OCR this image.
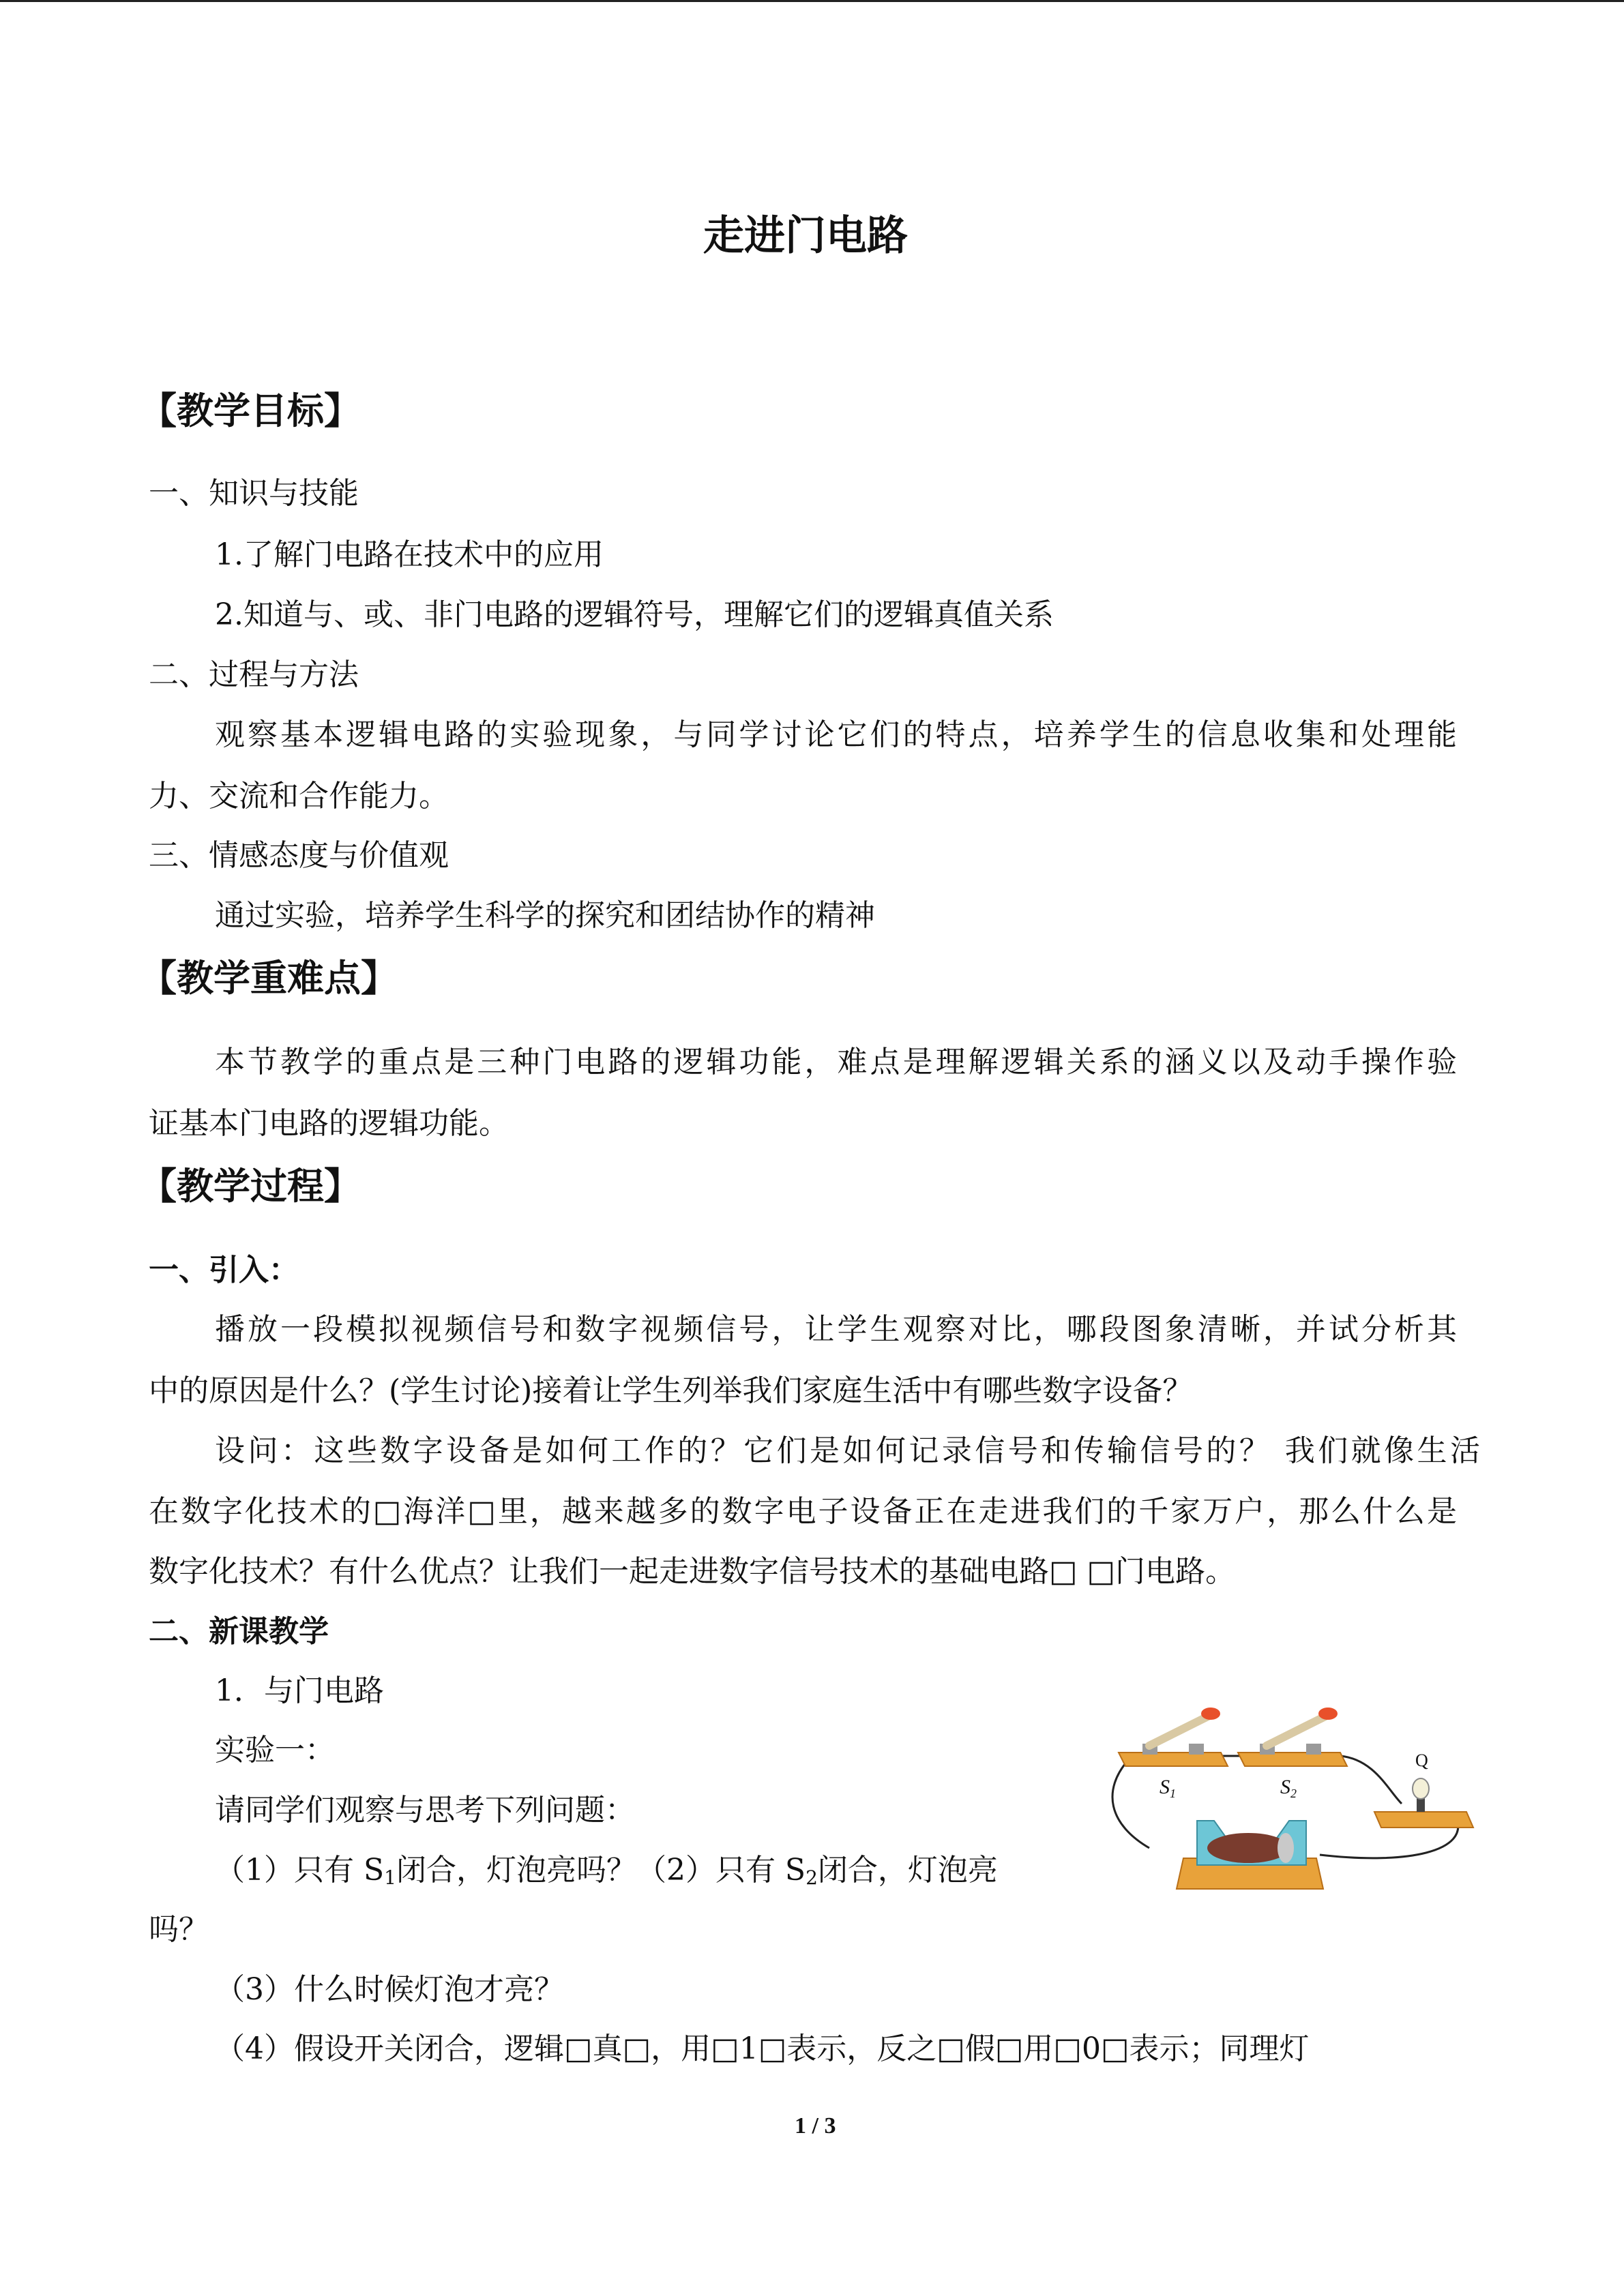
走进门电路
【教学目标】
一、知识与技能
1.了解门电路在技术中的应用
2.知道与、或、非门电路的逻辑符号，理解它们的逻辑真值关系
二、过程与方法
观察基本逻辑电路的实验现象，与同学讨论它们的特点，培养学生的信息收集和处理能
力、交流和合作能力。
三、情感态度与价值观
通过实验，培养学生科学的探究和团结协作的精神
【教学重难点】
本节教学的重点是三种门电路的逻辑功能，难点是理解逻辑关系的涵义以及动手操作验
证基本门电路的逻辑功能。
【教学过程】
一、引入：
播放一段模拟视频信号和数字视频信号，让学生观察对比，哪段图象清晰，并试分析其
中的原因是什么？(学生讨论)接着让学生列举我们家庭生活中有哪些数字设备？
设问：这些数字设备是如何工作的？它们是如何记录信号和传输信号的？ 我们就像生活
在数字化技术的□海洋□里，越来越多的数字电子设备正在走进我们的千家万户，那么什么是
数字化技术？有什么优点？让我们一起走进数字信号技术的基础电路□ □门电路。
二、新课教学
1．与门电路
实验一：
请同学们观察与思考下列问题：
（1）只有 $S_1$闭合，灯泡亮吗？（2）只有 $S_2$闭合，灯泡亮
吗？
（3）什么时候灯泡才亮？
（4）假设开关闭合，逻辑□真□，用□1□表示，反之□假□用□0□表示；同理灯
$S_1$	$S_2$
Q
1 / 3
